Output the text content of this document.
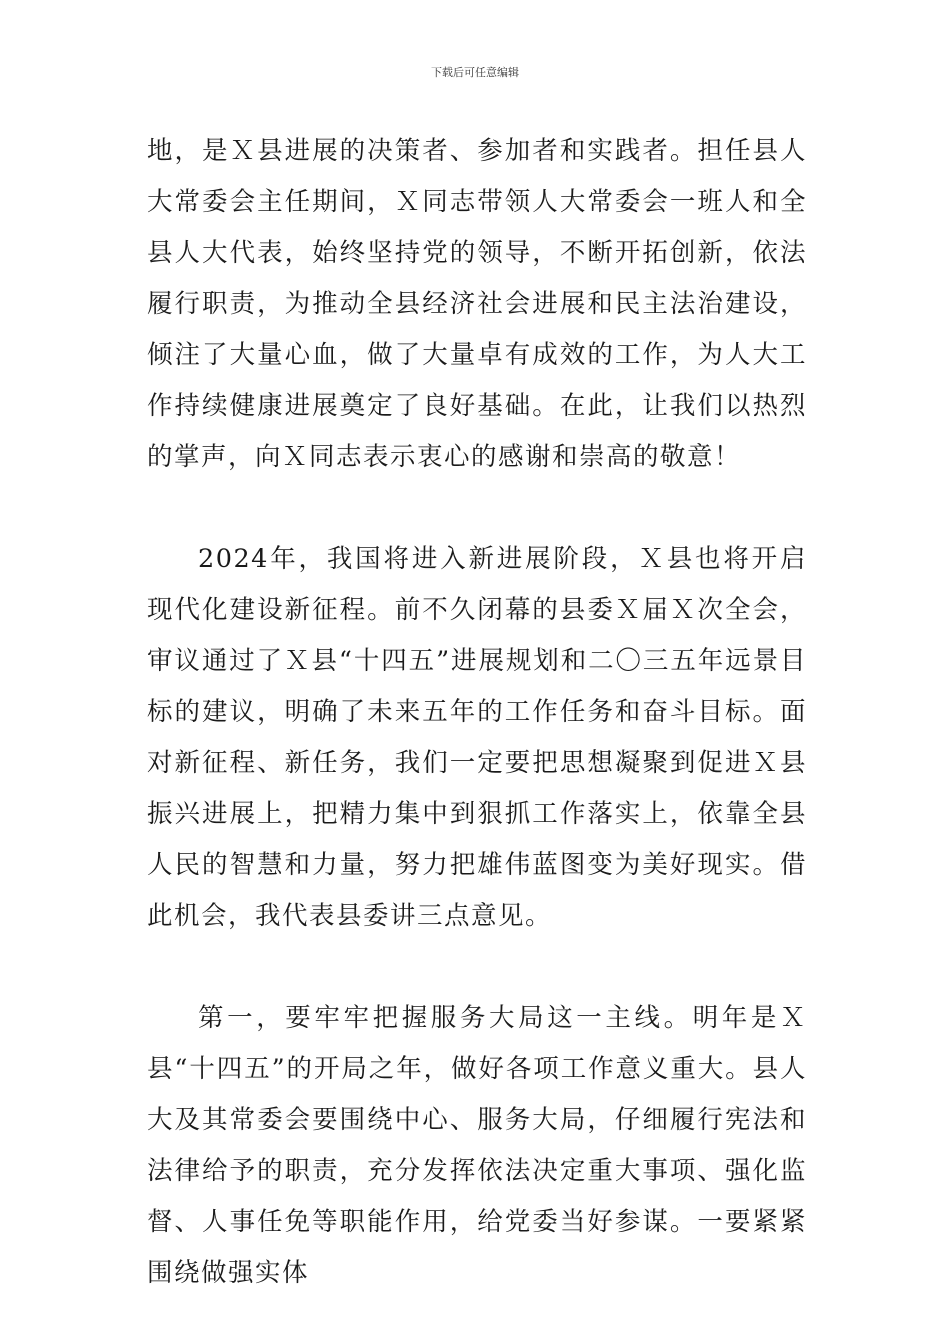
下载后可任意编辑

地，是Ｘ县进展的决策者、参加者和实践者。担任县人大常委会主任期间，Ｘ同志带领人大常委会一班人和全县人大代表，始终坚持党的领导，不断开拓创新，依法履行职责，为推动全县经济社会进展和民主法治建设，倾注了大量心血，做了大量卓有成效的工作，为人大工作持续健康进展奠定了良好基础。在此，让我们以热烈的掌声，向Ｘ同志表示衷心的感谢和崇高的敬意！

2024年，我国将进入新进展阶段，Ｘ县也将开启现代化建设新征程。前不久闭幕的县委Ｘ届Ｘ次全会，审议通过了Ｘ县“十四五”进展规划和二〇三五年远景目标的建议，明确了未来五年的工作任务和奋斗目标。面对新征程、新任务，我们一定要把思想凝聚到促进Ｘ县振兴进展上，把精力集中到狠抓工作落实上，依靠全县人民的智慧和力量，努力把雄伟蓝图变为美好现实。借此机会，我代表县委讲三点意见。

第一，要牢牢把握服务大局这一主线。明年是Ｘ县“十四五”的开局之年，做好各项工作意义重大。县人大及其常委会要围绕中心、服务大局，仔细履行宪法和法律给予的职责，充分发挥依法决定重大事项、强化监督、人事任免等职能作用，给党委当好参谋。一要紧紧围绕做强实体
